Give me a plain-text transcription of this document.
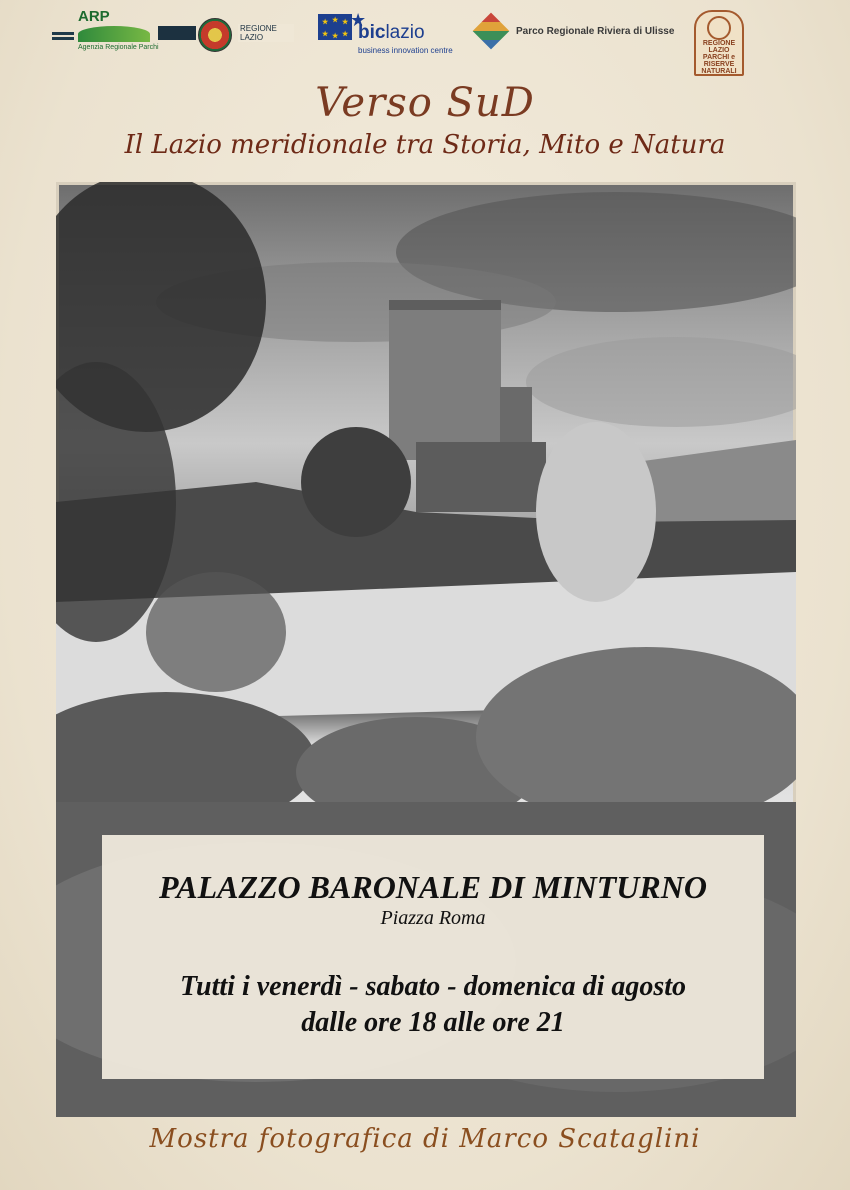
ARP
Agenzia Regionale Parchi
REGIONE LAZIO
★ ★ ★
★ ★ ★
★
biclazio
business innovation centre
Parco Regionale Riviera di Ulisse
REGIONE LAZIO PARCHI e RISERVE NATURALI
Verso SuD
Il Lazio meridionale tra Storia, Mito e Natura
PALAZZO BARONALE DI MINTURNO
Piazza Roma
Tutti i venerdì - sabato - domenica di agosto
dalle ore 18 alle ore 21
Mostra fotografica di Marco Scataglini
